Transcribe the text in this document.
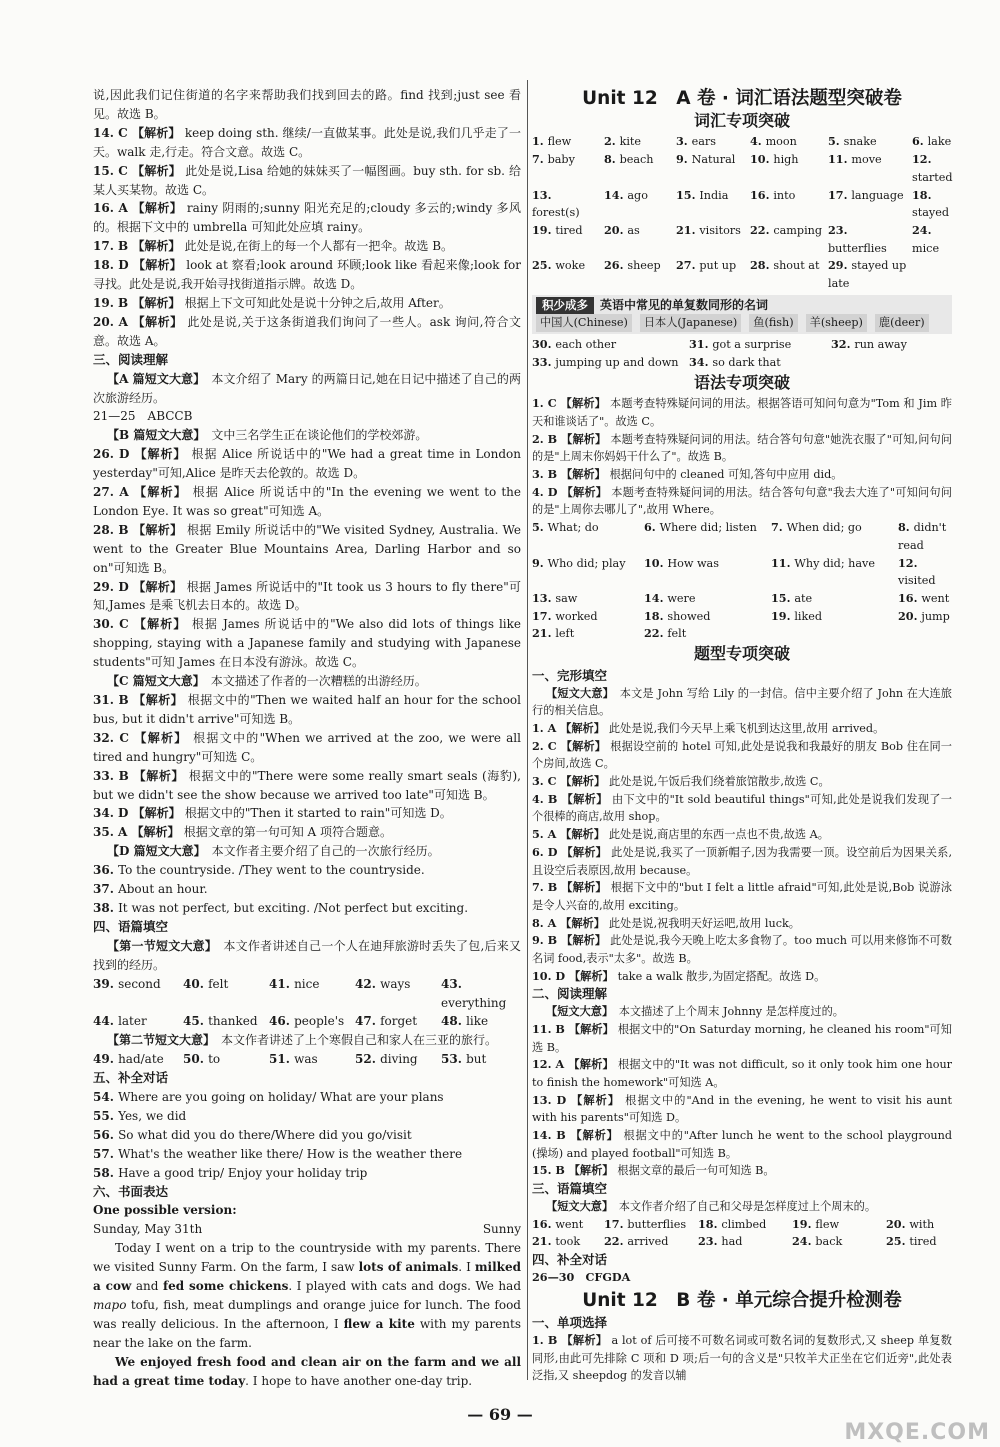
说,因此我们记住街道的名字来帮助我们找到回去的路。find 找到;just see 看见。故选 B。

14. C 【解析】 keep doing sth. 继续/一直做某事。此处是说,我们几乎走了一天。walk 走,行走。符合文意。故选 C。

15. C 【解析】 此处是说,Lisa 给她的妹妹买了一幅图画。buy sth. for sb. 给某人买某物。故选 C。

16. A 【解析】 rainy 阴雨的;sunny 阳光充足的;cloudy 多云的;windy 多风的。根据下文中的 umbrella 可知此处应填 rainy。

17. B 【解析】 此处是说,在街上的每一个人都有一把伞。故选 B。

18. D 【解析】 look at 察看;look around 环顾;look like 看起来像;look for 寻找。此处是说,我开始寻找街道指示牌。故选 D。

19. B 【解析】 根据上下文可知此处是说十分钟之后,故用 After。

20. A 【解析】 此处是说,关于这条街道我们询问了一些人。ask 询问,符合文意。故选 A。

三、阅读理解

【A 篇短文大意】　本文介绍了 Mary 的两篇日记,她在日记中描述了自己的两次旅游经历。

21—25　ABCCB

【B 篇短文大意】　文中三名学生正在谈论他们的学校郊游。

26. D 【解析】 根据 Alice 所说话中的"We had a great time in London yesterday"可知,Alice 是昨天去伦敦的。故选 D。

27. A 【解析】 根据 Alice 所说话中的"In the evening we went to the London Eye. It was so great"可知选 A。

28. B 【解析】 根据 Emily 所说话中的"We visited Sydney, Australia. We went to the Greater Blue Mountains Area, Darling Harbor and so on"可知选 B。

29. D 【解析】 根据 James 所说话中的"It took us 3 hours to fly there"可知,James 是乘飞机去日本的。故选 D。

30. C 【解析】 根据 James 所说话中的"We also did lots of things like shopping, staying with a Japanese family and studying with Japanese students"可知 James 在日本没有游泳。故选 C。

【C 篇短文大意】　本文描述了作者的一次糟糕的出游经历。

31. B 【解析】 根据文中的"Then we waited half an hour for the school bus, but it didn't arrive"可知选 B。

32. C 【解析】 根据文中的"When we arrived at the zoo, we were all tired and hungry"可知选 C。

33. B 【解析】 根据文中的"There were some really smart seals (海豹), but we didn't see the show because we arrived too late"可知选 B。

34. D 【解析】 根据文中的"Then it started to rain"可知选 D。

35. A 【解析】 根据文章的第一句可知 A 项符合题意。

【D 篇短文大意】　本文作者主要介绍了自己的一次旅行经历。

36. To the countryside. /They went to the countryside.

37. About an hour.

38. It was not perfect, but exciting. /Not perfect but exciting.

四、语篇填空

【第一节短文大意】　本文作者讲述自己一个人在迪拜旅游时丢失了包,后来又找到的经历。

39. second	40. felt	41. nice	42. ways	43. everything
44. later	45. thanked 46. people's 47. forget	48. like

【第二节短文大意】　本文作者讲述了上个寒假自己和家人在三亚的旅行。

49. had/ate	50. to	51. was	52. diving	53. but
五、补全对话

54. Where are you going on holiday/ What are your plans

55. Yes, we did

56. So what did you do there/Where did you go/visit

57. What's the weather like there/ How is the weather there

58. Have a good trip/ Enjoy your holiday trip

六、书面表达
One possible version:
Sunny
Sunday, May 31th

Today I went on a trip to the countryside with my parents. There we visited Sunny Farm. On the farm, I saw lots of animals. I milked a cow and fed some chickens. I played with cats and dogs. We had mapo tofu, fish, meat dumplings and orange juice for lunch. The food was really delicious. In the afternoon, I flew a kite with my parents near the lake on the farm.

We enjoyed fresh food and clean air on the farm and we all had a great time today. I hope to have another one-day trip.

Unit 12　A 卷 · 词汇语法题型突破卷
词汇专项突破
1. flew	2. kite	3. ears	4. moon	5. snake	6. lake
7. baby	8. beach	9. Natural	10. high	11. move	12. started
13. forest(s)
14. ago	15. India	16. into	17. language 18. stayed
19. tired	20. as	21. visitors 22. camping 23. butterflies
24. mice
25. woke	26. sheep	27. put up	28. shout at 29. stayed up late
积少成多 英语中常见的单复数同形的名词
中国人(Chinese) 日本人(Japanese) 鱼(fish) 羊(sheep) 鹿(deer)
30. each other	31. got a surprise	32. run away
33. jumping up and down 34. so dark that
语法专项突破

1. C 【解析】 本题考查特殊疑问词的用法。根据答语可知问句意为"Tom 和 Jim 昨天和谁谈话了"。故选 C。

2. B 【解析】 本题考查特殊疑问词的用法。结合答句句意"她洗衣服了"可知,问句问的是"上周末你妈妈干什么了"。故选 B。

3. B 【解析】 根据问句中的 cleaned 可知,答句中应用 did。

4. D 【解析】 本题考查特殊疑问词的用法。结合答句句意"我去大连了"可知问句问的是"上周你去哪儿了",故用 Where。

5. What; do	6. Where did; listen	7. When did; go	8. didn't read
9. Who did; play	10. How was	11. Why did; have	12. visited
13. saw	14. were	15. ate	16. went
17. worked	18. showed	19. liked	20. jump
21. left	22. felt
题型专项突破
一、完形填空

【短文大意】　本文是 John 写给 Lily 的一封信。信中主要介绍了 John 在大连旅行的相关信息。

1. A 【解析】 此处是说,我们今天早上乘飞机到达这里,故用 arrived。

2. C 【解析】 根据设空前的 hotel 可知,此处是说我和我最好的朋友 Bob 住在同一个房间,故选 C。

3. C 【解析】 此处是说,午饭后我们绕着旅馆散步,故选 C。

4. B 【解析】 由下文中的"It sold beautiful things"可知,此处是说我们发现了一个很棒的商店,故用 shop。

5. A 【解析】 此处是说,商店里的东西一点也不贵,故选 A。

6. D 【解析】 此处是说,我买了一顶新帽子,因为我需要一顶。设空前后为因果关系,且设空后表原因,故用 because。

7. B 【解析】 根据下文中的"but I felt a little afraid"可知,此处是说,Bob 说游泳是令人兴奋的,故用 exciting。

8. A 【解析】 此处是说,祝我明天好运吧,故用 luck。

9. B 【解析】 此处是说,我今天晚上吃太多食物了。too much 可以用来修饰不可数名词 food,表示"太多"。故选 B。

10. D 【解析】 take a walk 散步,为固定搭配。故选 D。

二、阅读理解

【短文大意】　本文描述了上个周末 Johnny 是怎样度过的。

11. B 【解析】 根据文中的"On Saturday morning, he cleaned his room"可知选 B。

12. A 【解析】 根据文中的"It was not difficult, so it only took him one hour to finish the homework"可知选 A。

13. D 【解析】 根据文中的"And in the evening, he went to visit his aunt with his parents"可知选 D。

14. B 【解析】 根据文中的"After lunch he went to the school playground (操场) and played football"可知选 B。

15. B 【解析】 根据文章的最后一句可知选 B。

三、语篇填空

【短文大意】　本文作者介绍了自己和父母是怎样度过上个周末的。

16. went	17. butterflies	18. climbed	19. flew	20. with
21. took	22. arrived	23. had	24. back	25. tired
四、补全对话

26—30　CFGDA

Unit 12　B 卷 · 单元综合提升检测卷
一、单项选择

1. B 【解析】 a lot of 后可接不可数名词或可数名词的复数形式,又 sheep 单复数同形,由此可先排除 C 项和 D 项;后一句的含义是"只牧羊犬正坐在它们近旁",此处表泛指,又 sheepdog 的发音以辅

— 69 —
MXQE.COM
